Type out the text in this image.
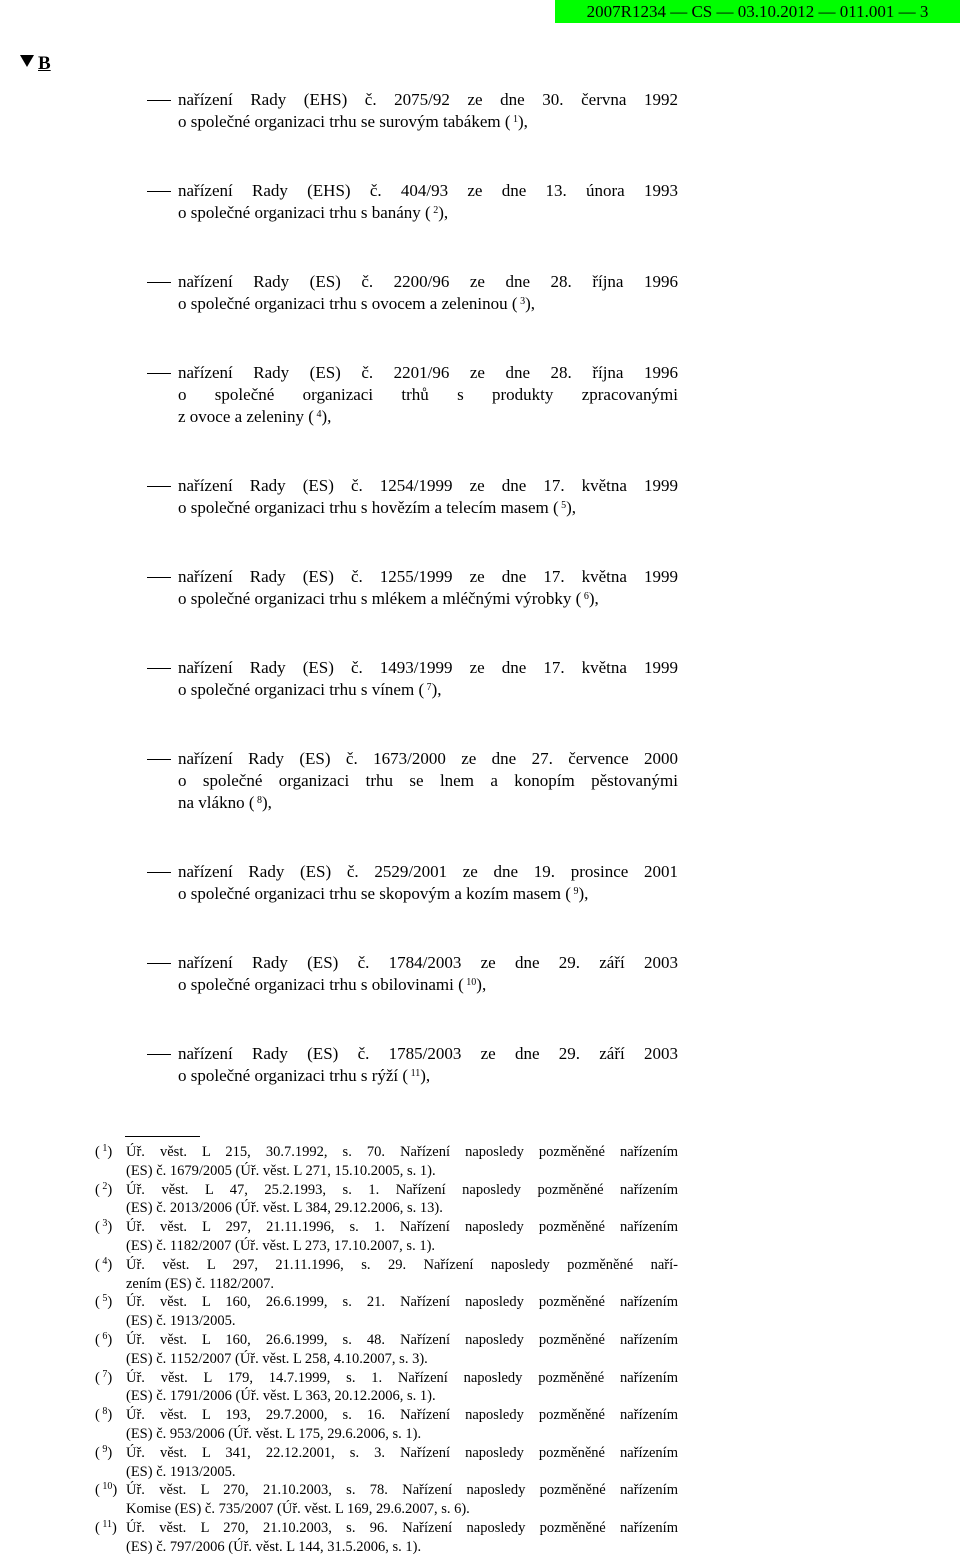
2007R1234 — CS — 03.10.2012 — 011.001 — 3
B
nařízení Rady (EHS) č. 2075/92 ze dne 30. června 1992
o společné organizaci trhu se surovým tabákem ( $^1$),
nařízení Rady (EHS) č. 404/93 ze dne 13. února 1993
o společné organizaci trhu s banány ( $^2$),
nařízení Rady (ES) č. 2200/96 ze dne 28. října 1996
o společné organizaci trhu s ovocem a zeleninou ( $^3$),
nařízení Rady (ES) č. 2201/96 ze dne 28. října 1996
o společné organizaci trhů s produkty zpracovanými
z ovoce a zeleniny ( $^4$),
nařízení Rady (ES) č. 1254/1999 ze dne 17. května 1999
o společné organizaci trhu s hovězím a telecím masem ( $^5$),
nařízení Rady (ES) č. 1255/1999 ze dne 17. května 1999
o společné organizaci trhu s mlékem a mléčnými výrobky ( $^6$),
nařízení Rady (ES) č. 1493/1999 ze dne 17. května 1999
o společné organizaci trhu s vínem ( $^7$),
nařízení Rady (ES) č. 1673/2000 ze dne 27. července 2000
o společné organizaci trhu se lnem a konopím pěstovanými
na vlákno ( $^8$),
nařízení Rady (ES) č. 2529/2001 ze dne 19. prosince 2001
o společné organizaci trhu se skopovým a kozím masem ( $^9$),
nařízení Rady (ES) č. 1784/2003 ze dne 29. září 2003
o společné organizaci trhu s obilovinami ( $^{10}$),
nařízení Rady (ES) č. 1785/2003 ze dne 29. září 2003
o společné organizaci trhu s rýží ( $^{11}$),
( $^1$) Úř. věst. L 215, 30.7.1992, s. 70. Nařízení naposledy pozměněné nařízením
(ES) č. 1679/2005 (Úř. věst. L 271, 15.10.2005, s. 1).
( $^2$) Úř. věst. L 47, 25.2.1993, s. 1. Nařízení naposledy pozměněné nařízením
(ES) č. 2013/2006 (Úř. věst. L 384, 29.12.2006, s. 13).
( $^3$) Úř. věst. L 297, 21.11.1996, s. 1. Nařízení naposledy pozměněné nařízením
(ES) č. 1182/2007 (Úř. věst. L 273, 17.10.2007, s. 1).
( $^4$) Úř. věst. L 297, 21.11.1996, s. 29. Nařízení naposledy pozměněné naří-
zením (ES) č. 1182/2007.
( $^5$) Úř. věst. L 160, 26.6.1999, s. 21. Nařízení naposledy pozměněné nařízením
(ES) č. 1913/2005.
( $^6$) Úř. věst. L 160, 26.6.1999, s. 48. Nařízení naposledy pozměněné nařízením
(ES) č. 1152/2007 (Úř. věst. L 258, 4.10.2007, s. 3).
( $^7$) Úř. věst. L 179, 14.7.1999, s. 1. Nařízení naposledy pozměněné nařízením
(ES) č. 1791/2006 (Úř. věst. L 363, 20.12.2006, s. 1).
( $^8$) Úř. věst. L 193, 29.7.2000, s. 16. Nařízení naposledy pozměněné nařízením
(ES) č. 953/2006 (Úř. věst. L 175, 29.6.2006, s. 1).
( $^9$) Úř. věst. L 341, 22.12.2001, s. 3. Nařízení naposledy pozměněné nařízením
(ES) č. 1913/2005.
( $^{10}$) Úř. věst. L 270, 21.10.2003, s. 78. Nařízení naposledy pozměněné nařízením
Komise (ES) č. 735/2007 (Úř. věst. L 169, 29.6.2007, s. 6).
( $^{11}$) Úř. věst. L 270, 21.10.2003, s. 96. Nařízení naposledy pozměněné nařízením
(ES) č. 797/2006 (Úř. věst. L 144, 31.5.2006, s. 1).
